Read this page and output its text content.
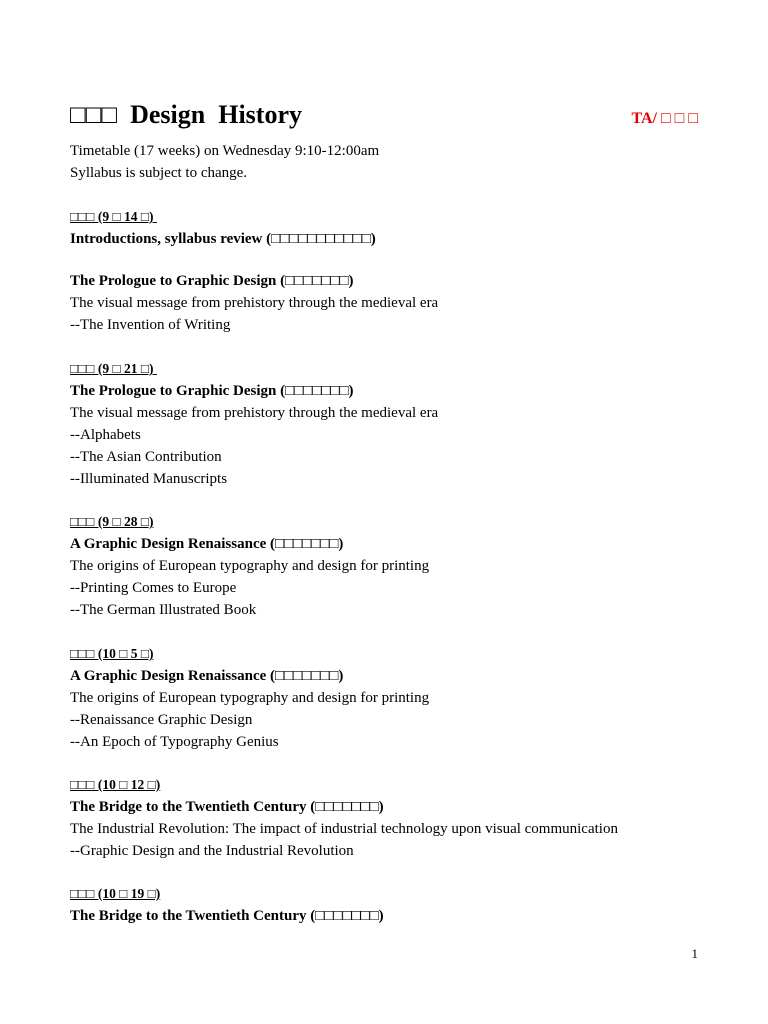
□□□  Design  History	TA/ □ □ □
Timetable (17 weeks) on Wednesday 9:10-12:00am
Syllabus is subject to change.
□□□ (9 □ 14 □)
Introductions, syllabus review (□□□□□□□□□□□)
The Prologue to Graphic Design (□□□□□□□)
The visual message from prehistory through the medieval era
--The Invention of Writing
□□□ (9 □ 21 □)
The Prologue to Graphic Design (□□□□□□□)
The visual message from prehistory through the medieval era
--Alphabets
--The Asian Contribution
--Illuminated Manuscripts
□□□ (9 □ 28 □)
A Graphic Design Renaissance (□□□□□□□)
The origins of European typography and design for printing
--Printing Comes to Europe
--The German Illustrated Book
□□□ (10 □ 5 □)
A Graphic Design Renaissance (□□□□□□□)
The origins of European typography and design for printing
--Renaissance Graphic Design
--An Epoch of Typography Genius
□□□ (10 □ 12 □)
The Bridge to the Twentieth Century (□□□□□□□)
The Industrial Revolution: The impact of industrial technology upon visual communication
--Graphic Design and the Industrial Revolution
□□□ (10 □ 19 □)
The Bridge to the Twentieth Century (□□□□□□□)
1
